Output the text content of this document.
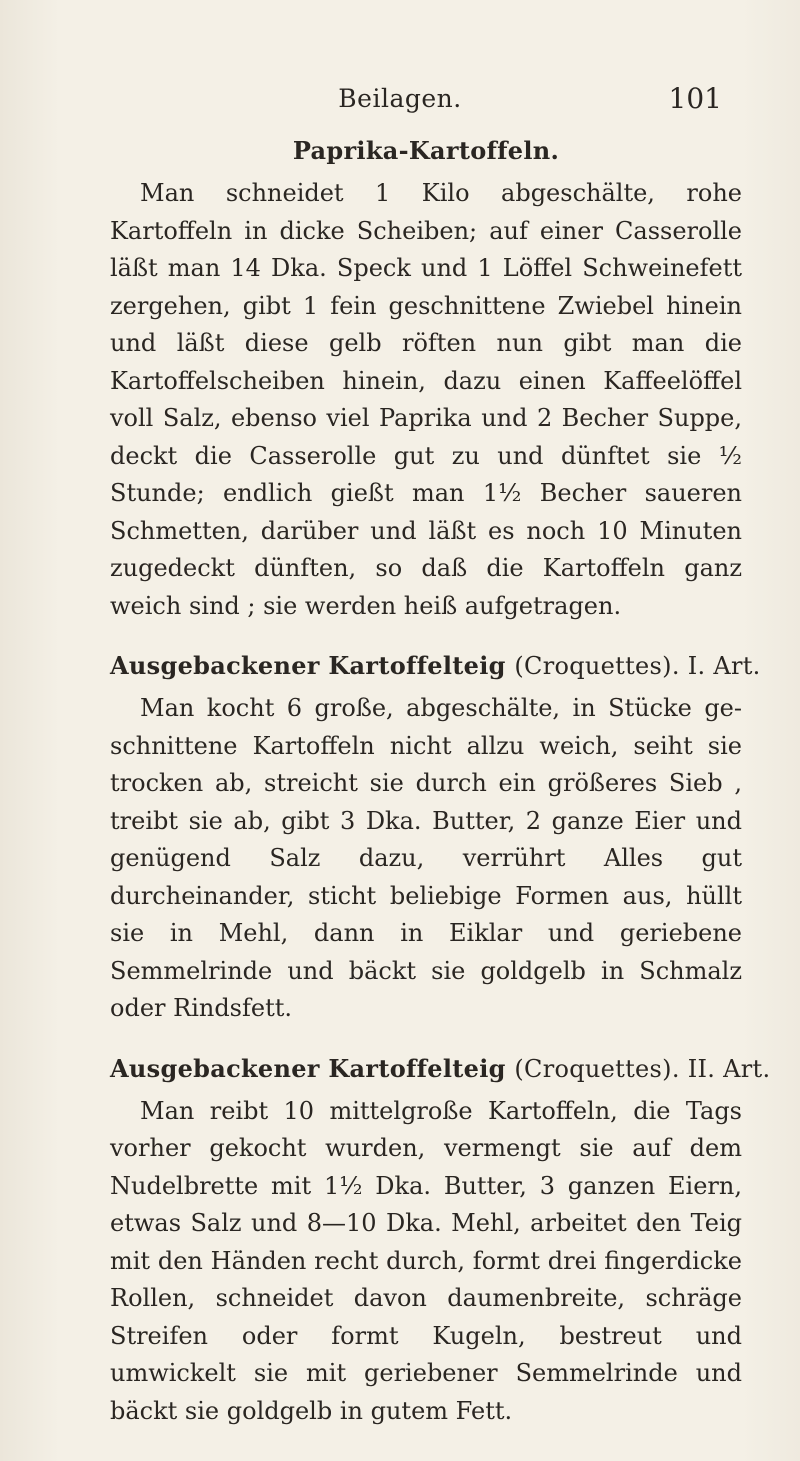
Beilagen.	101
Paprika-Kartoffeln.

Man schneidet 1 Kilo abgeschälte, rohe Kartoffeln in dicke Scheiben; auf einer Casserolle läßt man 14 Dka. Speck und 1 Löffel Schweinefett zergehen, gibt 1 fein geschnittene Zwiebel hinein und läßt diese gelb röften nun gibt man die Kartoffelscheiben hinein, dazu einen Kaffeelöffel voll Salz, ebenso viel Paprika und 2 Becher Suppe, deckt die Casserolle gut zu und dünftet sie ½ Stunde; endlich gießt man 1½ Becher saueren Schmetten, darüber und läßt es noch 10 Minuten zugedeckt dünften, so daß die Kartoffeln ganz weich sind ; sie werden heiß aufgetragen.

Ausgebackener Kartoffelteig (Croquettes). I. Art.

Man kocht 6 große, abgeschälte, in Stücke geschnittene Kartoffeln nicht allzu weich, seiht sie trocken ab, streicht sie durch ein größeres Sieb , treibt sie ab, gibt 3 Dka. Butter, 2 ganze Eier und genügend Salz dazu, verrührt Alles gut durcheinander, sticht beliebige Formen aus, hüllt sie in Mehl, dann in Eiklar und geriebene Semmelrinde und bäckt sie goldgelb in Schmalz oder Rindsfett.

Ausgebackener Kartoffelteig (Croquettes). II. Art.

Man reibt 10 mittelgroße Kartoffeln, die Tags vorher gekocht wurden, vermengt sie auf dem Nudelbrette mit 1½ Dka. Butter, 3 ganzen Eiern, etwas Salz und 8—10 Dka. Mehl, arbeitet den Teig mit den Händen recht durch, formt drei fingerdicke Rollen, schneidet davon daumenbreite, schräge Streifen oder formt Kugeln, bestreut und umwickelt sie mit geriebener Semmelrinde und bäckt sie goldgelb in gutem Fett.
